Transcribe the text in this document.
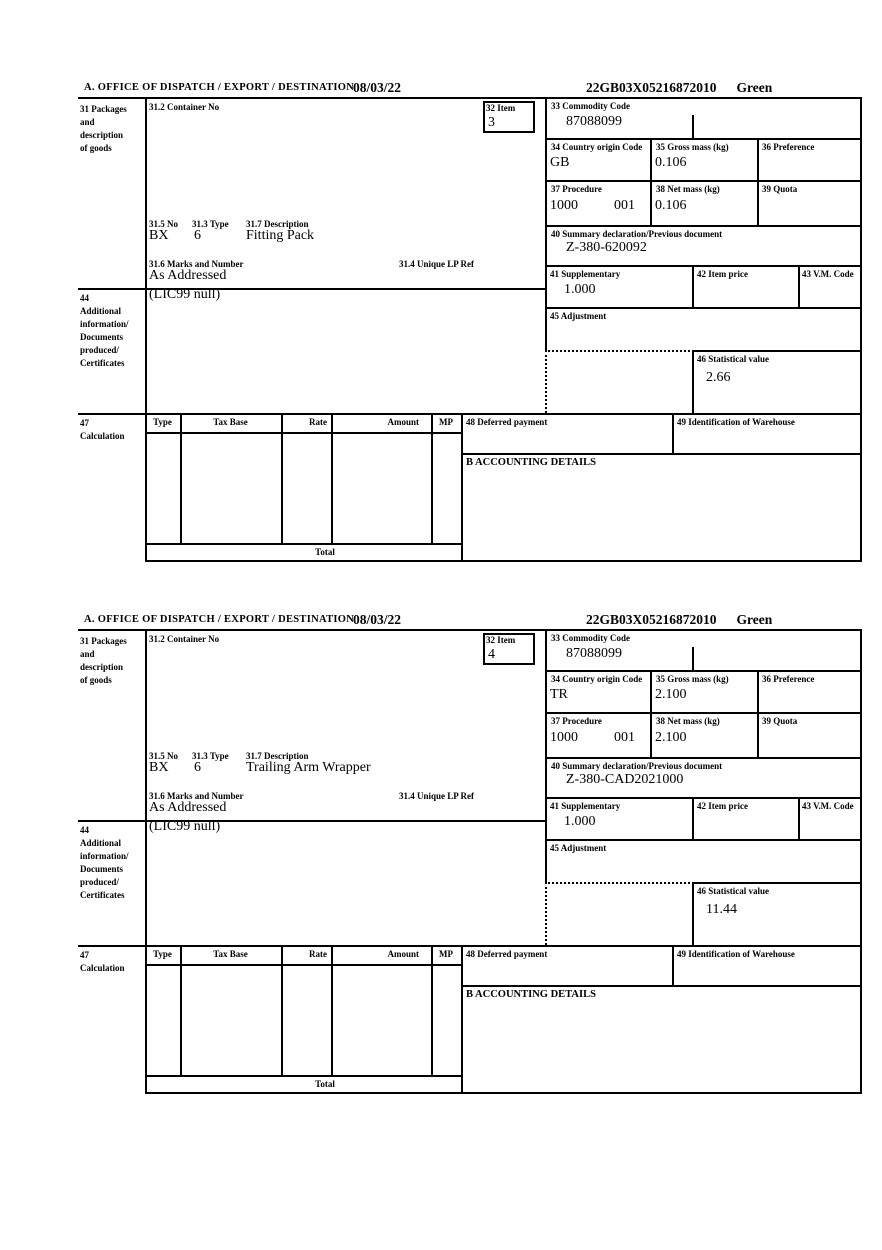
A. OFFICE OF DISPATCH / EXPORT / DESTINATION
08/03/22	22GB03X05216872010 Green
31 Packages
and
description
of goods
31.2 Container No	32 Item
3
33 Commodity Code
87088099
34 Country origin Code
GB
35 Gross mass (kg)
0.106
36 Preference
37 Procedure
1000	001
38 Net mass (kg)
0.106
39 Quota
40 Summary declaration/Previous document
Z-380-620092
41 Supplementary
1.000
42 Item price	43 V.M. Code
45 Adjustment
46 Statistical value
2.66
31.5 No 31.3 Type 31.7 Description
BX 6	Fitting Pack
31.6 Marks and Number	31.4 Unique LP Ref
As Addressed
44
Additional
information/
Documents
produced/
Certificates
(LIC99 null)
47
Calculation
Type	Tax Base	Rate	Amount	MP
Total
48 Deferred payment	49 Identification of Warehouse
B ACCOUNTING DETAILS
A. OFFICE OF DISPATCH / EXPORT / DESTINATION
08/03/22	22GB03X05216872010 Green
31 Packages
and
description
of goods
31.2 Container No	32 Item
4
33 Commodity Code
87088099
34 Country origin Code
TR
35 Gross mass (kg)
2.100
36 Preference
37 Procedure
1000	001
38 Net mass (kg)
2.100
39 Quota
40 Summary declaration/Previous document
Z-380-CAD2021000
41 Supplementary
1.000
42 Item price	43 V.M. Code
45 Adjustment
46 Statistical value
11.44
31.5 No 31.3 Type 31.7 Description
BX 6	Trailing Arm Wrapper
31.6 Marks and Number	31.4 Unique LP Ref
As Addressed
44
Additional
information/
Documents
produced/
Certificates
(LIC99 null)
47
Calculation
Type	Tax Base	Rate	Amount	MP
Total
48 Deferred payment	49 Identification of Warehouse
B ACCOUNTING DETAILS
